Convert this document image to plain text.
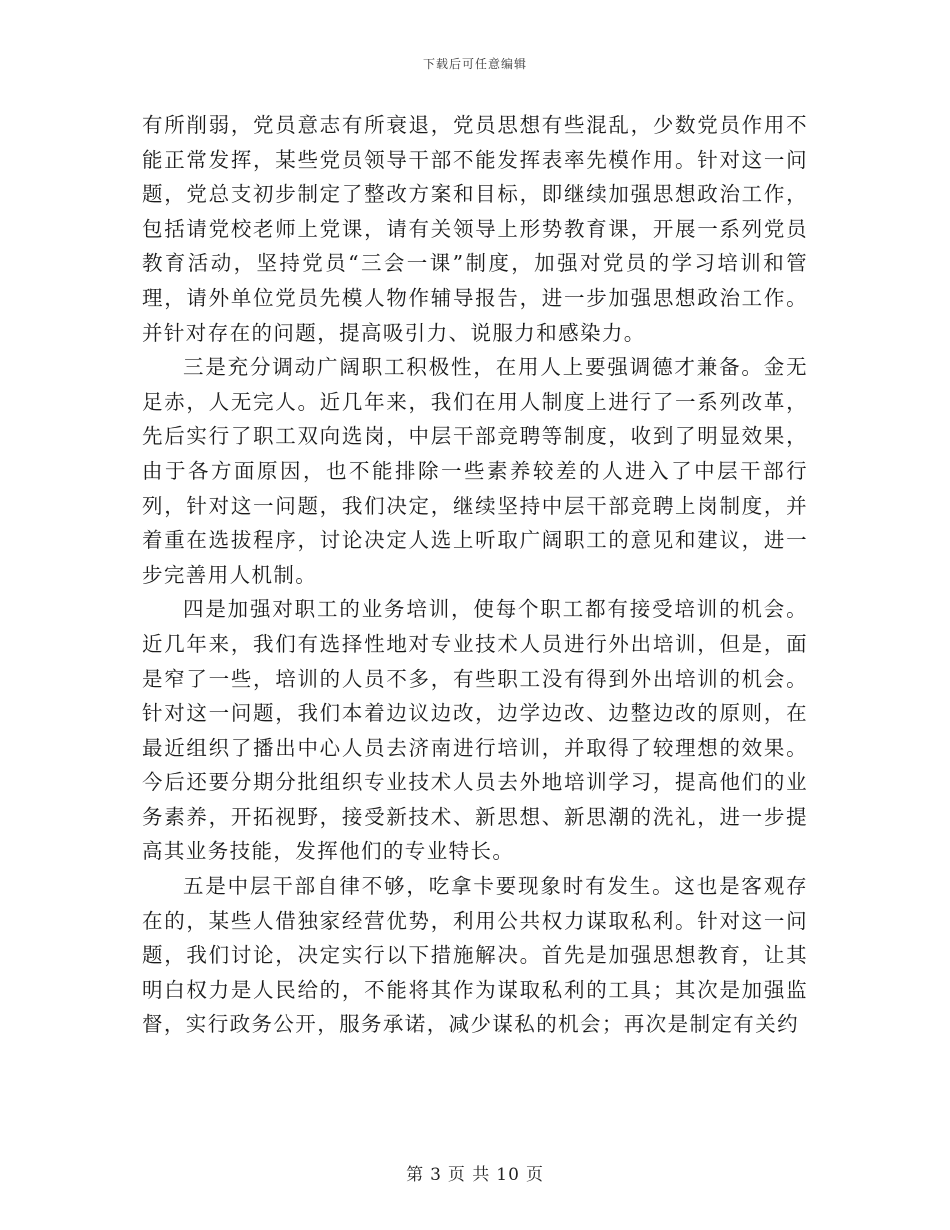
下载后可任意编辑

有所削弱，党员意志有所衰退，党员思想有些混乱，少数党员作用不能正常发挥，某些党员领导干部不能发挥表率先模作用。针对这一问题，党总支初步制定了整改方案和目标，即继续加强思想政治工作，包括请党校老师上党课，请有关领导上形势教育课，开展一系列党员教育活动，坚持党员“三会一课”制度，加强对党员的学习培训和管理，请外单位党员先模人物作辅导报告，进一步加强思想政治工作。并针对存在的问题，提高吸引力、说服力和感染力。

三是充分调动广阔职工积极性，在用人上要强调德才兼备。金无足赤，人无完人。近几年来，我们在用人制度上进行了一系列改革，先后实行了职工双向选岗，中层干部竞聘等制度，收到了明显效果，由于各方面原因，也不能排除一些素养较差的人进入了中层干部行列，针对这一问题，我们决定，继续坚持中层干部竞聘上岗制度，并着重在选拔程序，讨论决定人选上听取广阔职工的意见和建议，进一步完善用人机制。

四是加强对职工的业务培训，使每个职工都有接受培训的机会。近几年来，我们有选择性地对专业技术人员进行外出培训，但是，面是窄了一些，培训的人员不多，有些职工没有得到外出培训的机会。针对这一问题，我们本着边议边改，边学边改、边整边改的原则，在最近组织了播出中心人员去济南进行培训，并取得了较理想的效果。今后还要分期分批组织专业技术人员去外地培训学习，提高他们的业务素养，开拓视野，接受新技术、新思想、新思潮的洗礼，进一步提高其业务技能，发挥他们的专业特长。

五是中层干部自律不够，吃拿卡要现象时有发生。这也是客观存在的，某些人借独家经营优势，利用公共权力谋取私利。针对这一问题，我们讨论，决定实行以下措施解决。首先是加强思想教育，让其明白权力是人民给的，不能将其作为谋取私利的工具；其次是加强监督，实行政务公开，服务承诺，减少谋私的机会；再次是制定有关约

第 3 页 共 10 页
